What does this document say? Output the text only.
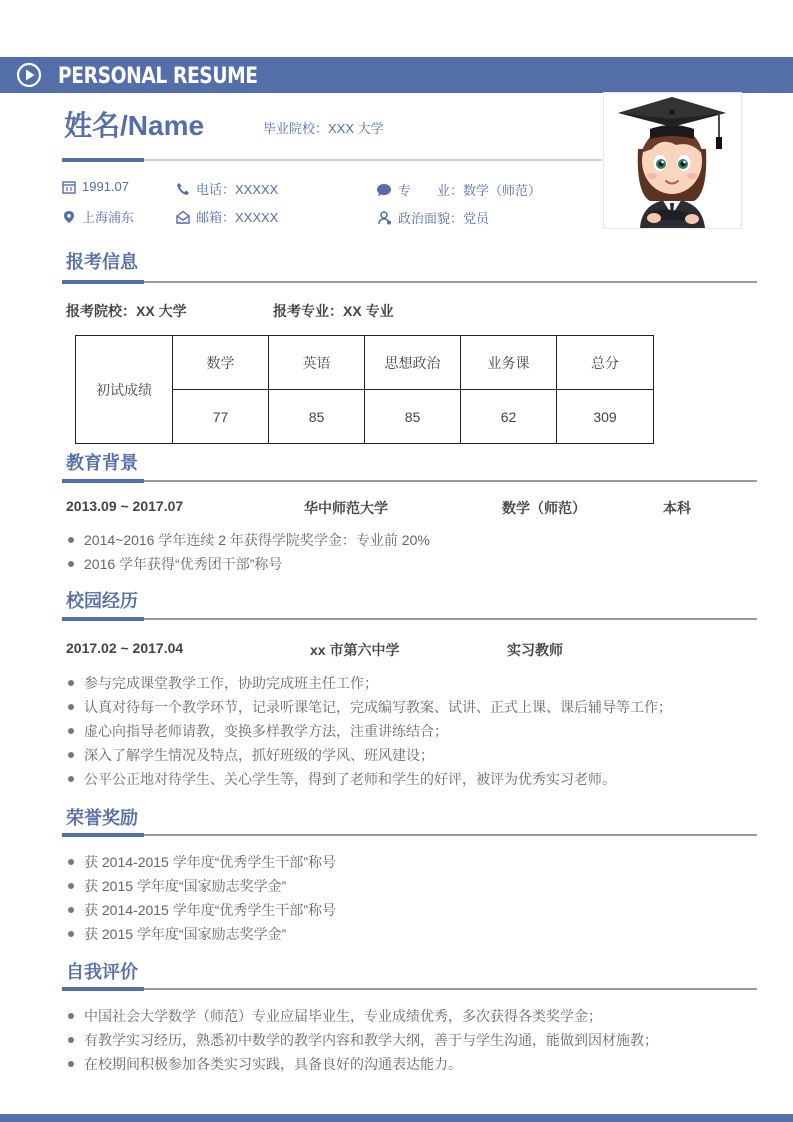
PERSONAL RESUME
姓名/Name	毕业院校：XXX 大学
1991.07	电话：XXXXX	专　　业：数学（师范）
上海浦东	邮箱：XXXXX	政治面貌：党员
报考信息
报考院校：XX 大学	报考专业：XX 专业
初试成绩	数学	英语	思想政治	业务课	总分
	77	85	85	62	309
教育背景
2013.09 ~ 2017.07	华中师范大学	数学（师范）	本科
2014~2016 学年连续 2 年获得学院奖学金：专业前 20%
2016 学年获得“优秀团干部”称号
校园经历
2017.02 ~ 2017.04	xx 市第六中学	实习教师
参与完成课堂教学工作，协助完成班主任工作；
认真对待每一个教学环节，记录听课笔记，完成编写教案、试讲、正式上课、课后辅导等工作；
虚心向指导老师请教，变换多样教学方法，注重讲练结合；
深入了解学生情况及特点，抓好班级的学风、班风建设；
公平公正地对待学生、关心学生等，得到了老师和学生的好评，被评为优秀实习老师。
荣誉奖励
获 2014-2015 学年度“优秀学生干部”称号
获 2015 学年度“国家励志奖学金”
获 2014-2015 学年度“优秀学生干部”称号
获 2015 学年度“国家励志奖学金”
自我评价
中国社会大学数学（师范）专业应届毕业生，专业成绩优秀，多次获得各类奖学金；
有教学实习经历，熟悉初中数学的教学内容和教学大纲，善于与学生沟通，能做到因材施教；
在校期间积极参加各类实习实践，具备良好的沟通表达能力。
